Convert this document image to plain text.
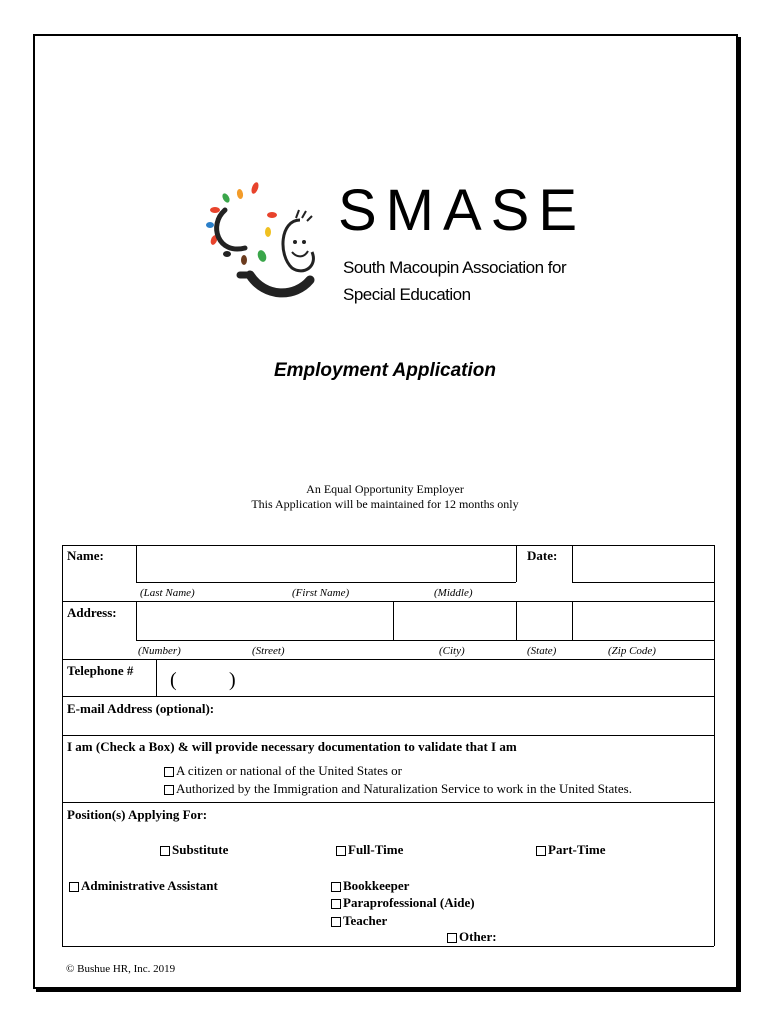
SMASE
South Macoupin Association for
Special Education
Employment Application
An Equal Opportunity Employer
This Application will be maintained for 12 months only
Name:	Date:
(Last Name)	(First Name)	(Middle)
Address:
(Number)	(Street)	(City)	(State)	(Zip Code)
Telephone # (	)
E-mail Address (optional):
I am (Check a Box) & will provide necessary documentation to validate that I am
A citizen or national of the United States or
Authorized by the Immigration and Naturalization Service to work in the United States.
Position(s) Applying For:
Substitute	Full-Time	Part-Time
Administrative Assistant	Bookkeeper
Paraprofessional (Aide)
Teacher
Other:
© Bushue HR, Inc. 2019
